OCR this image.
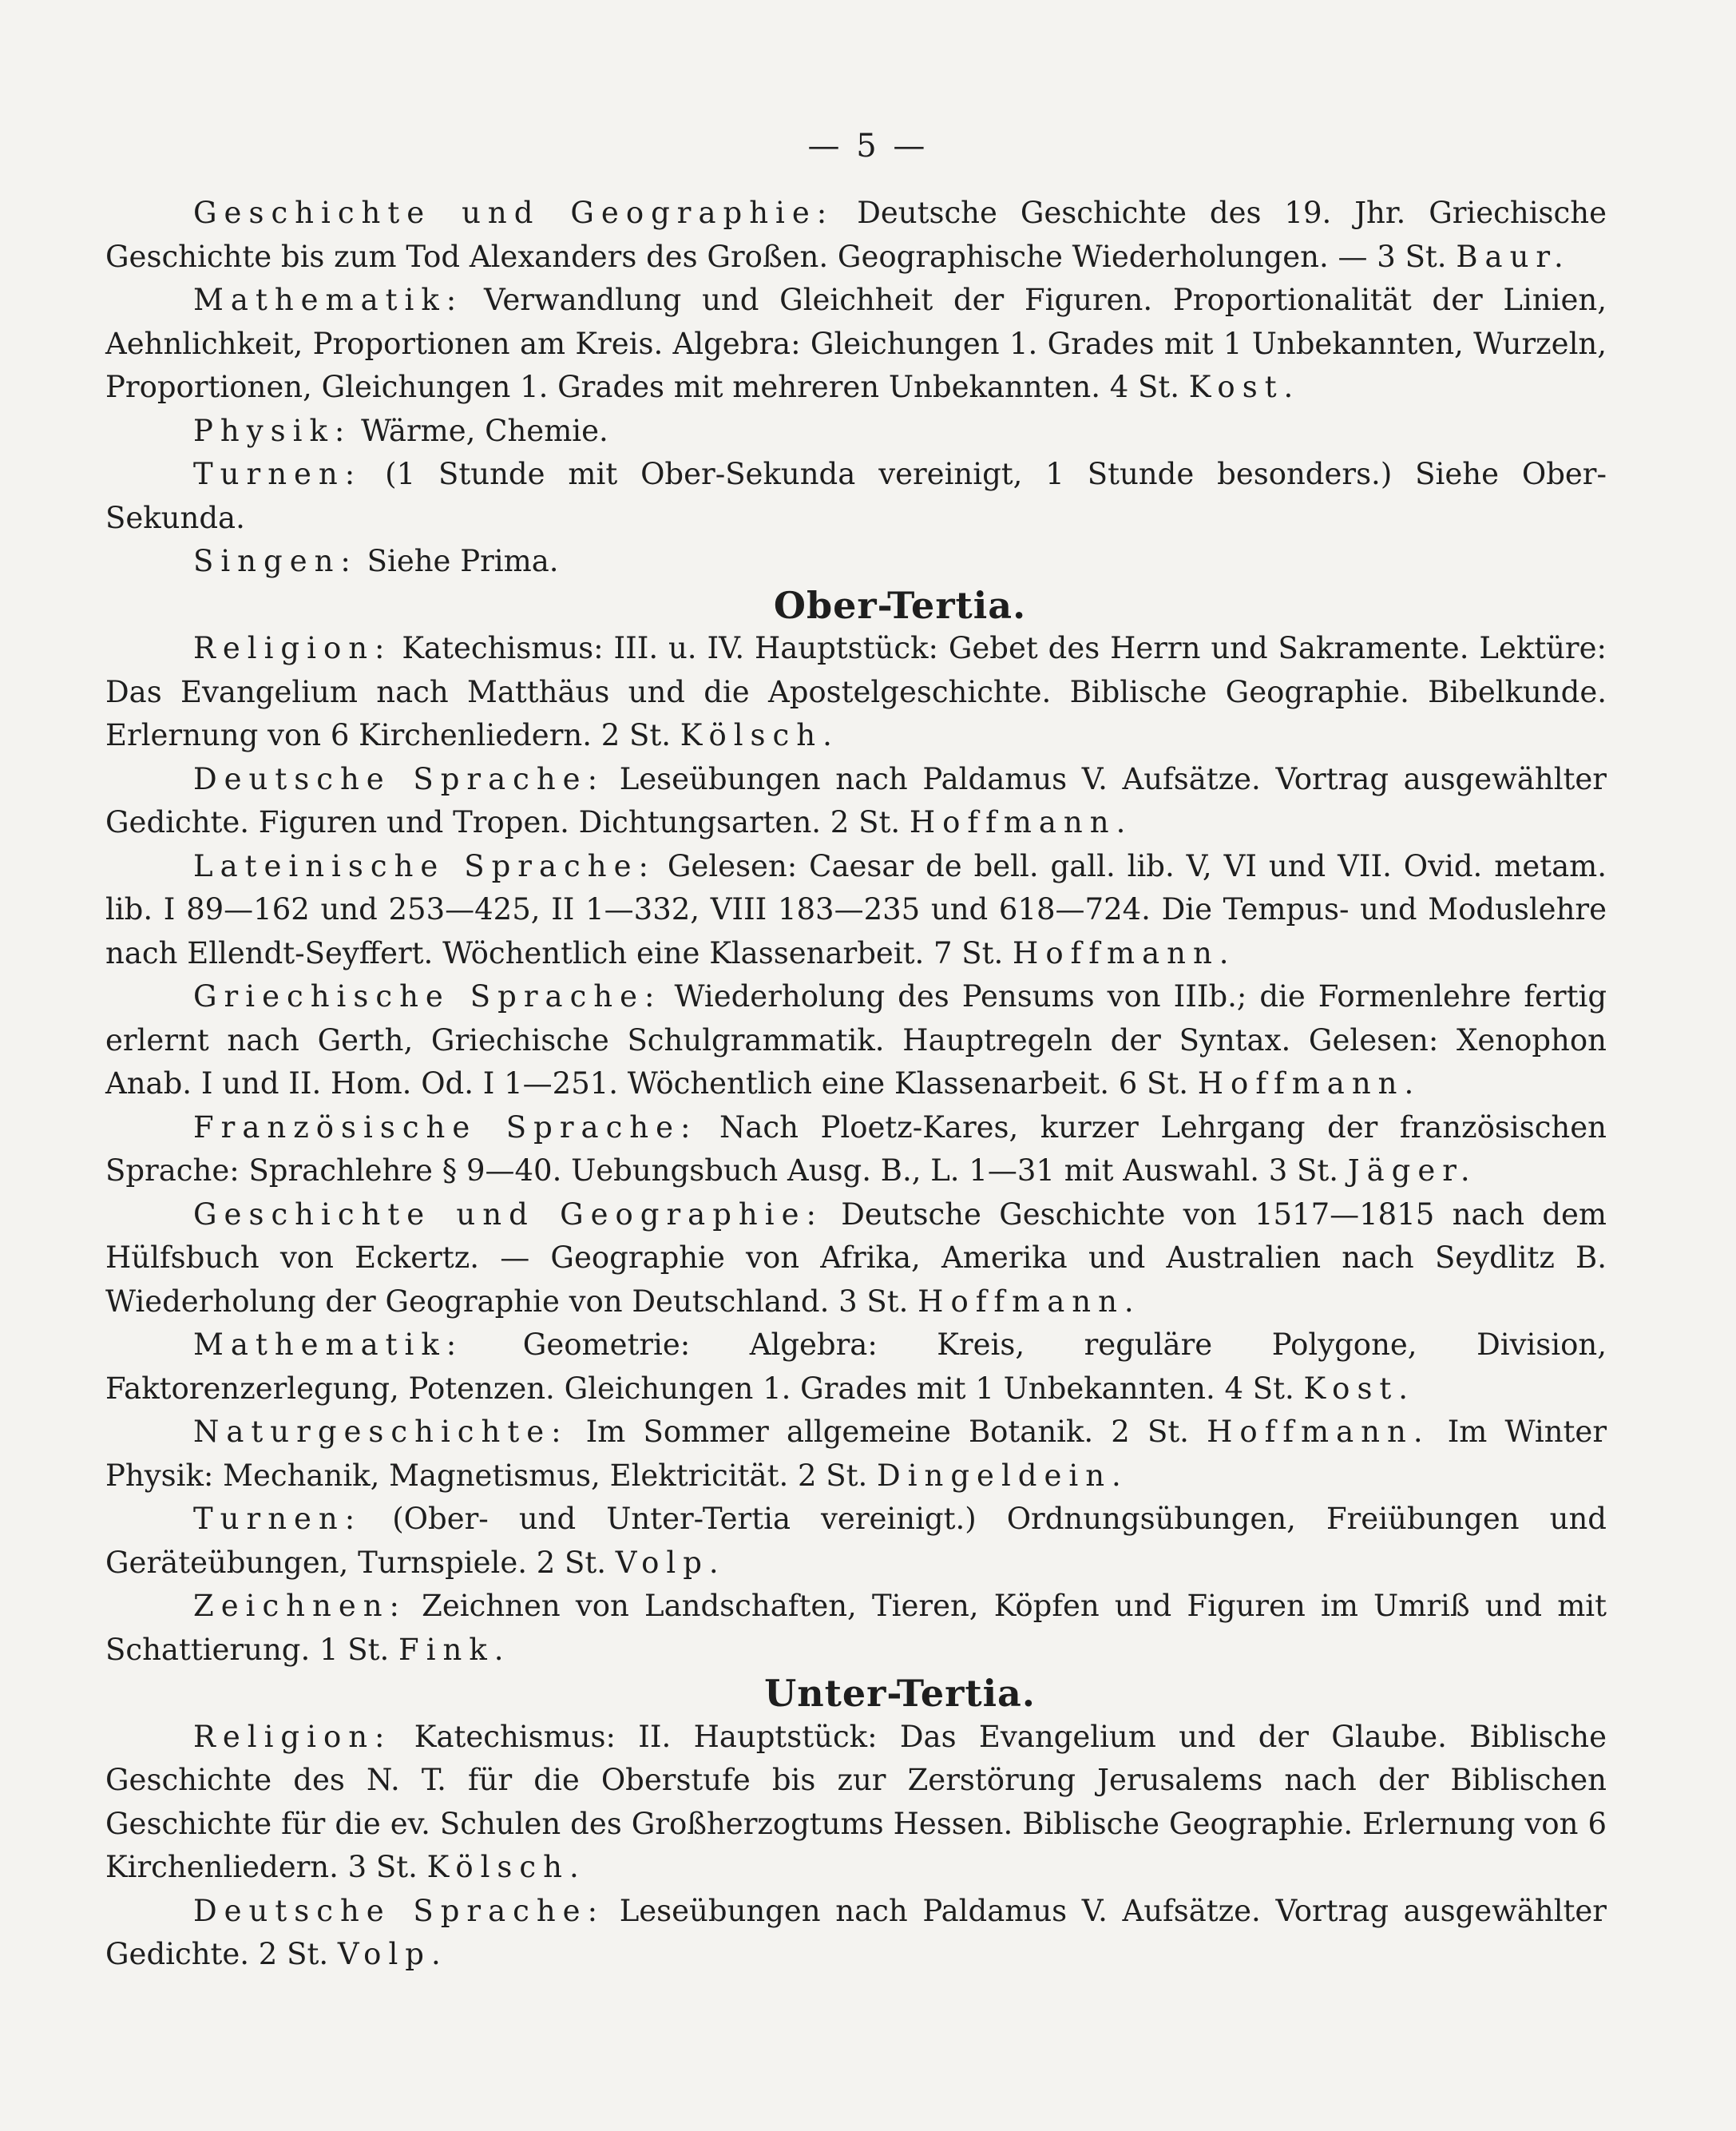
— 5 —

Geschichte und Geographie: Deutsche Geschichte des 19. Jhr. Griechische Geschichte bis zum Tod Alexanders des Großen. Geographische Wiederholungen. — 3 St. Baur.

Mathematik: Verwandlung und Gleichheit der Figuren. Proportionalität der Linien, Aehnlichkeit, Proportionen am Kreis. Algebra: Gleichungen 1. Grades mit 1 Unbekannten, Wurzeln, Proportionen, Gleichungen 1. Grades mit mehreren Unbekannten. 4 St. Kost.

Physik: Wärme, Chemie.

Turnen: (1 Stunde mit Ober-Sekunda vereinigt, 1 Stunde besonders.) Siehe Ober-Sekunda.

Singen: Siehe Prima.

Ober-Tertia.

Religion: Katechismus: III. u. IV. Hauptstück: Gebet des Herrn und Sakramente. Lektüre: Das Evangelium nach Matthäus und die Apostelgeschichte. Biblische Geographie. Bibelkunde. Erlernung von 6 Kirchenliedern. 2 St. Kölsch.

Deutsche Sprache: Leseübungen nach Paldamus V. Aufsätze. Vortrag ausgewählter Gedichte. Figuren und Tropen. Dichtungsarten. 2 St. Hoffmann.

Lateinische Sprache: Gelesen: Caesar de bell. gall. lib. V, VI und VII. Ovid. metam. lib. I 89—162 und 253—425, II 1—332, VIII 183—235 und 618—724. Die Tempus- und Moduslehre nach Ellendt-Seyffert. Wöchentlich eine Klassenarbeit. 7 St. Hoffmann.

Griechische Sprache: Wiederholung des Pensums von IIIb.; die Formenlehre fertig erlernt nach Gerth, Griechische Schulgrammatik. Hauptregeln der Syntax. Gelesen: Xenophon Anab. I und II. Hom. Od. I 1—251. Wöchentlich eine Klassenarbeit. 6 St. Hoffmann.

Französische Sprache: Nach Ploetz-Kares, kurzer Lehrgang der französischen Sprache: Sprachlehre § 9—40. Uebungsbuch Ausg. B., L. 1—31 mit Auswahl. 3 St. Jäger.

Geschichte und Geographie: Deutsche Geschichte von 1517—1815 nach dem Hülfsbuch von Eckertz. — Geographie von Afrika, Amerika und Australien nach Seydlitz B. Wiederholung der Geographie von Deutschland. 3 St. Hoffmann.

Mathematik: Geometrie: Algebra: Kreis, reguläre Polygone, Division, Faktorenzerlegung, Potenzen. Gleichungen 1. Grades mit 1 Unbekannten. 4 St. Kost.

Naturgeschichte: Im Sommer allgemeine Botanik. 2 St. Hoffmann. Im Winter Physik: Mechanik, Magnetismus, Elektricität. 2 St. Dingeldein.

Turnen: (Ober- und Unter-Tertia vereinigt.) Ordnungsübungen, Freiübungen und Geräteübungen, Turnspiele. 2 St. Volp.

Zeichnen: Zeichnen von Landschaften, Tieren, Köpfen und Figuren im Umriß und mit Schattierung. 1 St. Fink.

Unter-Tertia.

Religion: Katechismus: II. Hauptstück: Das Evangelium und der Glaube. Biblische Geschichte des N. T. für die Oberstufe bis zur Zerstörung Jerusalems nach der Biblischen Geschichte für die ev. Schulen des Großherzogtums Hessen. Biblische Geographie. Erlernung von 6 Kirchenliedern. 3 St. Kölsch.

Deutsche Sprache: Leseübungen nach Paldamus V. Aufsätze. Vortrag ausgewählter Gedichte. 2 St. Volp.
